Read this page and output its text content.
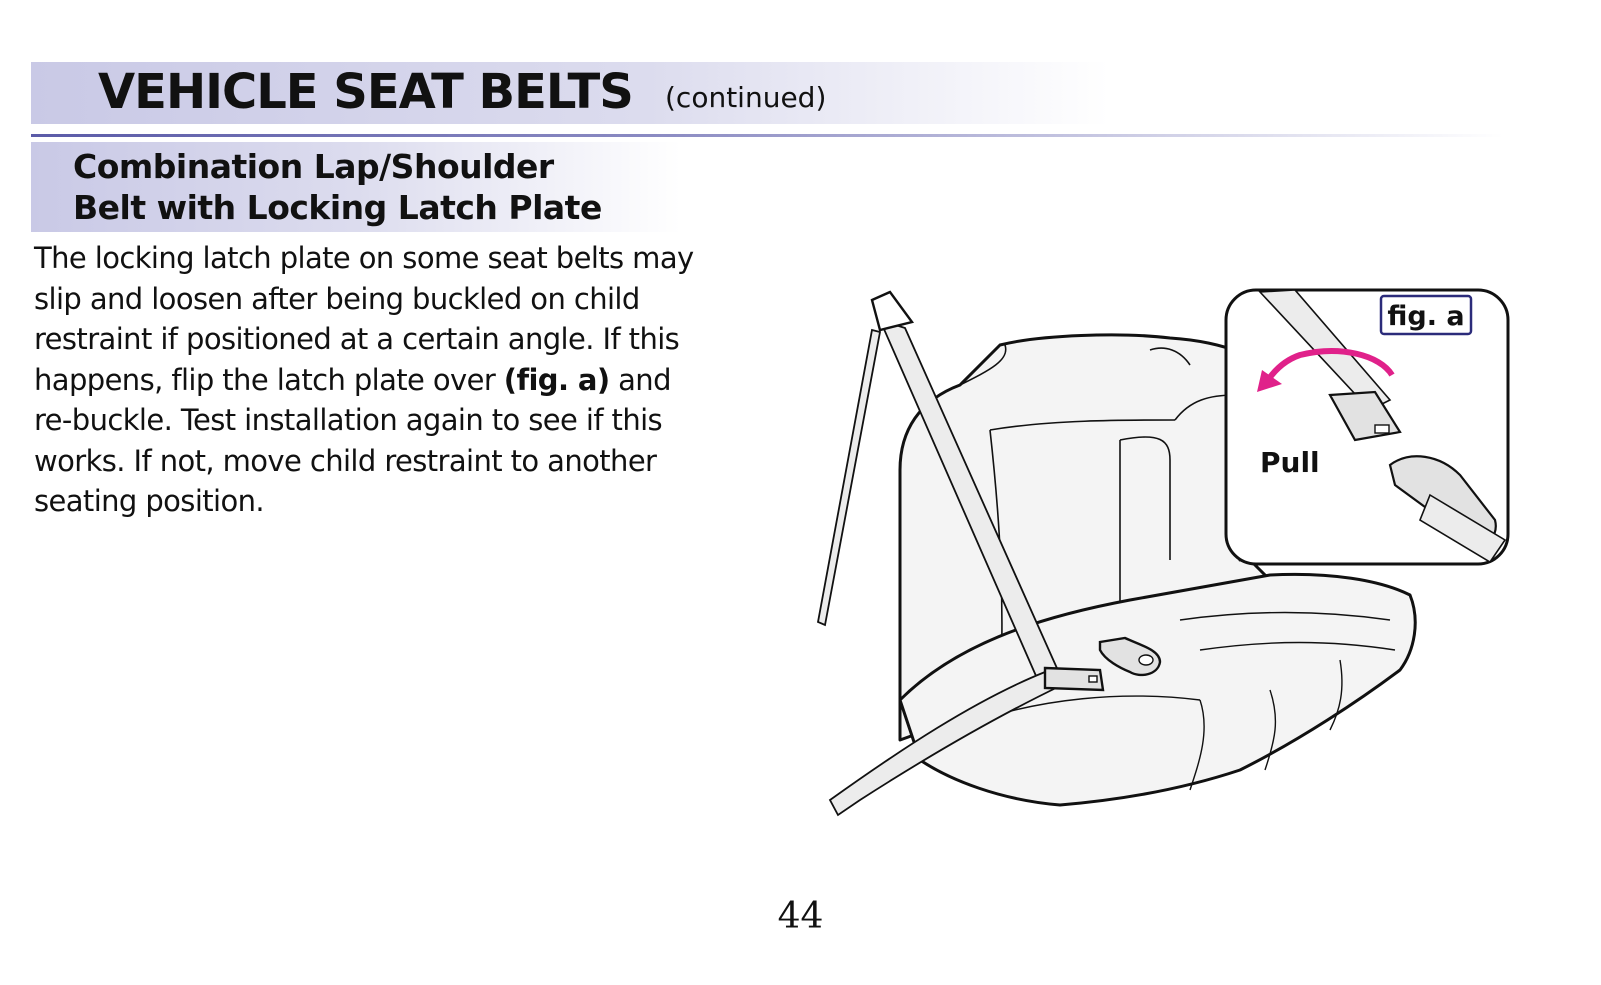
VEHICLE SEAT BELTS (continued)
Combination Lap/Shoulder
Belt with Locking Latch Plate
The locking latch plate on some seat belts may
slip and loosen after being buckled on child
restraint if positioned at a certain angle. If this
happens, flip the latch plate over (fig. a) and
re-buckle. Test installation again to see if this
works. If not, move child restraint to another
seating position.
fig. a
Pull
44
